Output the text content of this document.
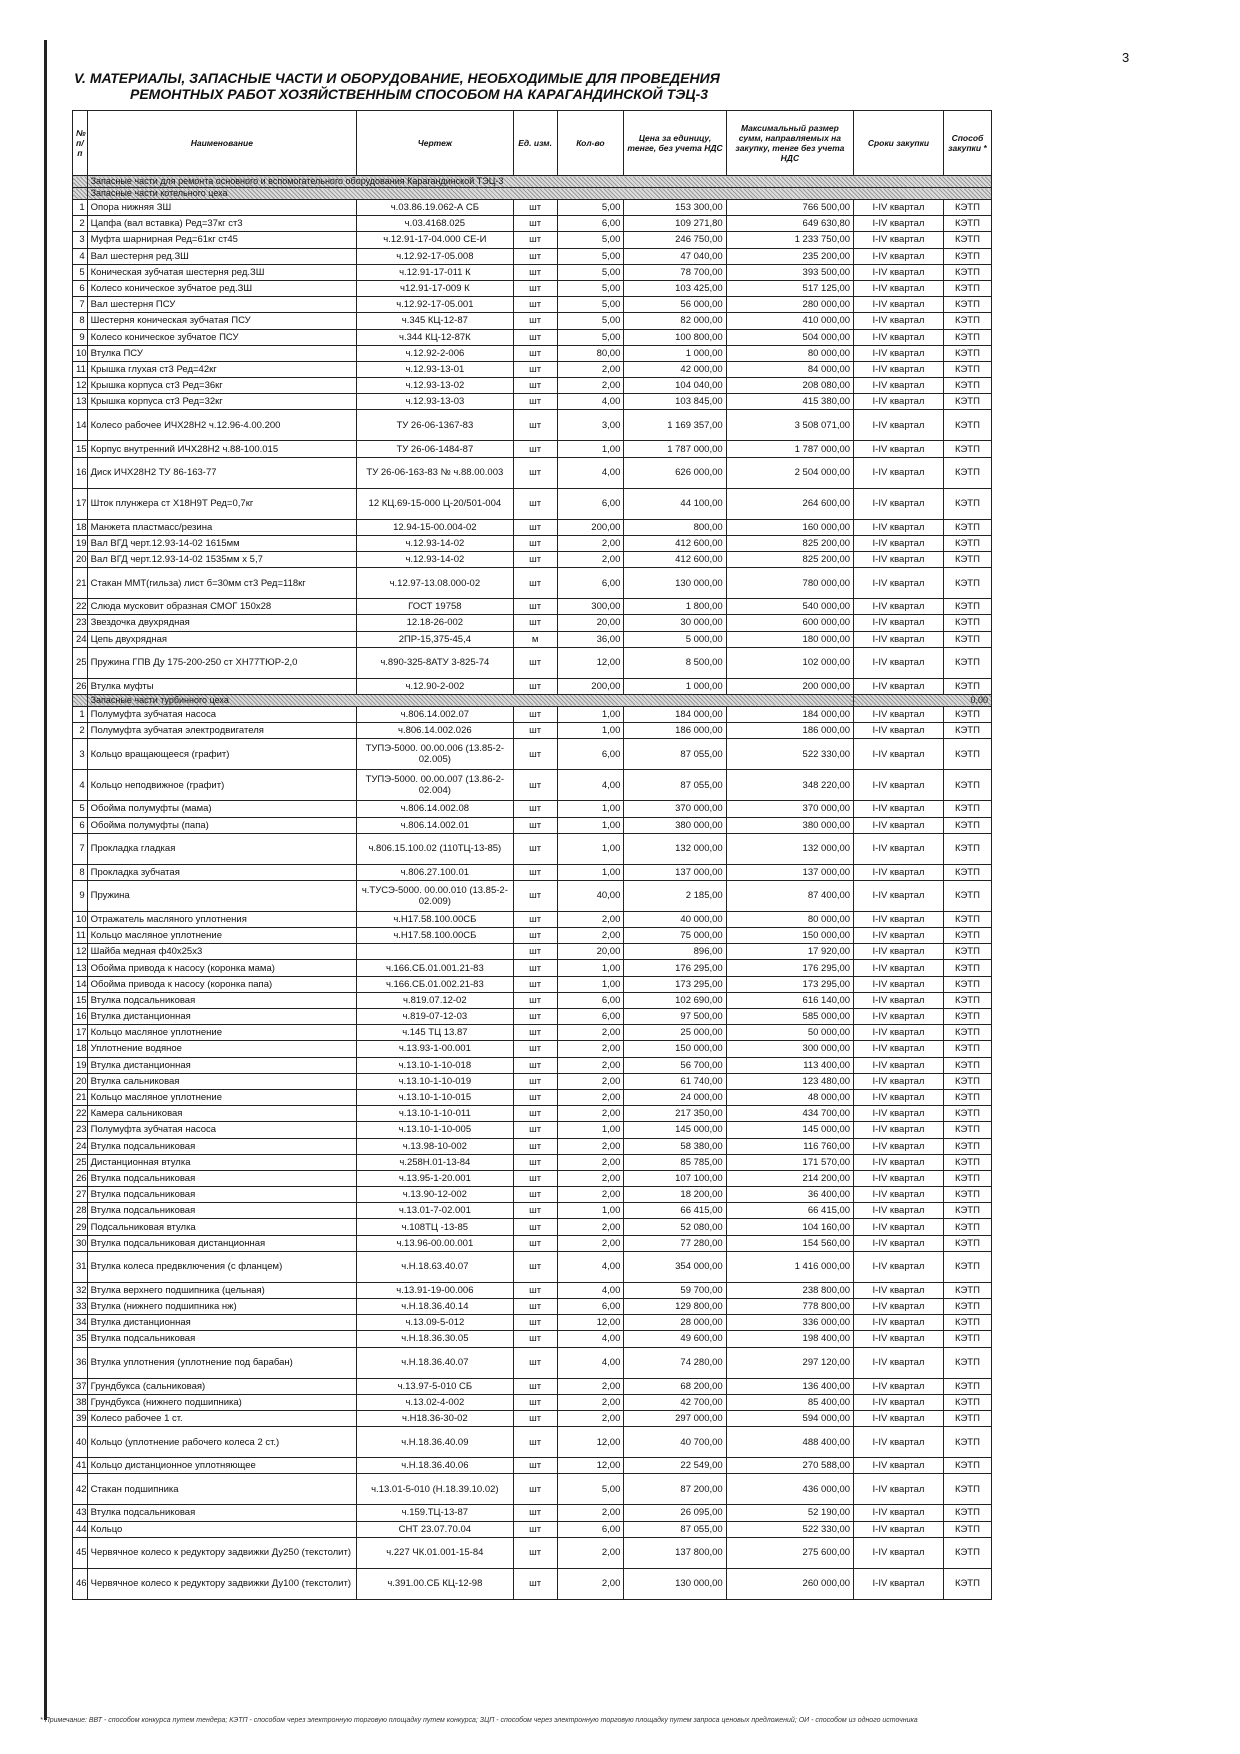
3
V. МАТЕРИАЛЫ, ЗАПАСНЫЕ ЧАСТИ И ОБОРУДОВАНИЕ, НЕОБХОДИМЫЕ ДЛЯ ПРОВЕДЕНИЯ
РЕМОНТНЫХ РАБОТ ХОЗЯЙСТВЕННЫМ СПОСОБОМ НА КАРАГАНДИНСКОЙ ТЭЦ-3
№ п/п	Наименование	Чертеж	Ед. изм.	Кол-во	Цена за единицу, тенге, без учета НДС	Максимальный размер сумм, направляемых на закупку, тенге без учета НДС	Сроки закупки	Способ закупки *
	Запасные части для ремонта основного и вспомогательного оборудования Карагандинской ТЭЦ-3							
	Запасные части котельного цеха							
1	Опора нижняя ЗШ	ч.03.86.19.062-А СБ	шт	5,00	153 300,00	766 500,00	I-IV квартал	КЭТП
2	Цапфа (вал вставка) Ред=37кг ст3	ч.03.4168.025	шт	6,00	109 271,80	649 630,80	I-IV квартал	КЭТП
3	Муфта шарнирная Ред=61кг ст45	ч.12.91-17-04.000 СЕ-И	шт	5,00	246 750,00	1 233 750,00	I-IV квартал	КЭТП
4	Вал шестерня ред.ЗШ	ч.12.92-17-05.008	шт	5,00	47 040,00	235 200,00	I-IV квартал	КЭТП
5	Коническая зубчатая шестерня ред.ЗШ	ч.12.91-17-011 К	шт	5,00	78 700,00	393 500,00	I-IV квартал	КЭТП
6	Колесо коническое зубчатое ред.ЗШ	ч12.91-17-009 К	шт	5,00	103 425,00	517 125,00	I-IV квартал	КЭТП
7	Вал шестерня ПСУ	ч.12.92-17-05.001	шт	5,00	56 000,00	280 000,00	I-IV квартал	КЭТП
8	Шестерня коническая зубчатая ПСУ	ч.345 КЦ-12-87	шт	5,00	82 000,00	410 000,00	I-IV квартал	КЭТП
9	Колесо коническое зубчатое ПСУ	ч.344 КЦ-12-87К	шт	5,00	100 800,00	504 000,00	I-IV квартал	КЭТП
10	Втулка ПСУ	ч.12.92-2-006	шт	80,00	1 000,00	80 000,00	I-IV квартал	КЭТП
11	Крышка глухая ст3 Ред=42кг	ч.12.93-13-01	шт	2,00	42 000,00	84 000,00	I-IV квартал	КЭТП
12	Крышка корпуса ст3 Ред=36кг	ч.12.93-13-02	шт	2,00	104 040,00	208 080,00	I-IV квартал	КЭТП
13	Крышка корпуса ст3 Ред=32кг	ч.12.93-13-03	шт	4,00	103 845,00	415 380,00	I-IV квартал	КЭТП
14	Колесо рабочее ИЧХ28Н2 ч.12.96-4.00.200	ТУ 26-06-1367-83	шт	3,00	1 169 357,00	3 508 071,00	I-IV квартал	КЭТП
15	Корпус внутренний ИЧХ28Н2 ч.88-100.015	ТУ 26-06-1484-87	шт	1,00	1 787 000,00	1 787 000,00	I-IV квартал	КЭТП
16	Диск ИЧХ28Н2 ТУ 86-163-77	ТУ 26-06-163-83 № ч.88.00.003	шт	4,00	626 000,00	2 504 000,00	I-IV квартал	КЭТП
17	Шток плунжера ст Х18Н9Т Ред=0,7кг	12 КЦ.69-15-000 Ц-20/501-004	шт	6,00	44 100,00	264 600,00	I-IV квартал	КЭТП
18	Манжета пластмасс/резина	12.94-15-00.004-02	шт	200,00	800,00	160 000,00	I-IV квартал	КЭТП
19	Вал ВГД черт.12.93-14-02 1615мм	ч.12.93-14-02	шт	2,00	412 600,00	825 200,00	I-IV квартал	КЭТП
20	Вал ВГД черт.12.93-14-02 1535мм х 5,7	ч.12.93-14-02	шт	2,00	412 600,00	825 200,00	I-IV квартал	КЭТП
21	Стакан ММТ(гильза) лист б=30мм ст3 Ред=118кг	ч.12.97-13.08.000-02	шт	6,00	130 000,00	780 000,00	I-IV квартал	КЭТП
22	Слюда мусковит образная СМОГ 150х28	ГОСТ 19758	шт	300,00	1 800,00	540 000,00	I-IV квартал	КЭТП
23	Звездочка двухрядная	12.18-26-002	шт	20,00	30 000,00	600 000,00	I-IV квартал	КЭТП
24	Цепь двухрядная	2ПР-15,375-45,4	м	36,00	5 000,00	180 000,00	I-IV квартал	КЭТП
25	Пружина ГПВ Ду 175-200-250 ст ХН77ТЮР-2,0	ч.890-325-8АТУ 3-825-74	шт	12,00	8 500,00	102 000,00	I-IV квартал	КЭТП
26	Втулка муфты	ч.12.90-2-002	шт	200,00	1 000,00	200 000,00	I-IV квартал	КЭТП
	Запасные части турбинного цеха						0,00	
1	Полумуфта зубчатая насоса	ч.806.14.002.07	шт	1,00	184 000,00	184 000,00	I-IV квартал	КЭТП
2	Полумуфта зубчатая электродвигателя	ч.806.14.002.026	шт	1,00	186 000,00	186 000,00	I-IV квартал	КЭТП
3	Кольцо вращающееся (графит)	ТУПЭ-5000. 00.00.006 (13.85-2-02.005)	шт	6,00	87 055,00	522 330,00	I-IV квартал	КЭТП
4	Кольцо неподвижное (графит)	ТУПЭ-5000. 00.00.007 (13.86-2-02.004)	шт	4,00	87 055,00	348 220,00	I-IV квартал	КЭТП
5	Обойма полумуфты (мама)	ч.806.14.002.08	шт	1,00	370 000,00	370 000,00	I-IV квартал	КЭТП
6	Обойма полумуфты (папа)	ч.806.14.002.01	шт	1,00	380 000,00	380 000,00	I-IV квартал	КЭТП
7	Прокладка гладкая	ч.806.15.100.02 (110ТЦ-13-85)	шт	1,00	132 000,00	132 000,00	I-IV квартал	КЭТП
8	Прокладка зубчатая	ч.806.27.100.01	шт	1,00	137 000,00	137 000,00	I-IV квартал	КЭТП
9	Пружина	ч.ТУСЭ-5000. 00.00.010 (13.85-2-02.009)	шт	40,00	2 185,00	87 400,00	I-IV квартал	КЭТП
10	Отражатель масляного уплотнения	ч.Н17.58.100.00СБ	шт	2,00	40 000,00	80 000,00	I-IV квартал	КЭТП
11	Кольцо масляное уплотнение	ч.Н17.58.100.00СБ	шт	2,00	75 000,00	150 000,00	I-IV квартал	КЭТП
12	Шайба медная ф40х25х3		шт	20,00	896,00	17 920,00	I-IV квартал	КЭТП
13	Обойма привода к насосу (коронка мама)	ч.166.СБ.01.001.21-83	шт	1,00	176 295,00	176 295,00	I-IV квартал	КЭТП
14	Обойма привода к насосу (коронка папа)	ч.166.СБ.01.002.21-83	шт	1,00	173 295,00	173 295,00	I-IV квартал	КЭТП
15	Втулка подсальниковая	ч.819.07.12-02	шт	6,00	102 690,00	616 140,00	I-IV квартал	КЭТП
16	Втулка дистанционная	ч.819-07-12-03	шт	6,00	97 500,00	585 000,00	I-IV квартал	КЭТП
17	Кольцо масляное уплотнение	ч.145 ТЦ 13.87	шт	2,00	25 000,00	50 000,00	I-IV квартал	КЭТП
18	Уплотнение водяное	ч.13.93-1-00.001	шт	2,00	150 000,00	300 000,00	I-IV квартал	КЭТП
19	Втулка дистанционная	ч.13.10-1-10-018	шт	2,00	56 700,00	113 400,00	I-IV квартал	КЭТП
20	Втулка сальниковая	ч.13.10-1-10-019	шт	2,00	61 740,00	123 480,00	I-IV квартал	КЭТП
21	Кольцо масляное уплотнение	ч.13.10-1-10-015	шт	2,00	24 000,00	48 000,00	I-IV квартал	КЭТП
22	Камера сальниковая	ч.13.10-1-10-011	шт	2,00	217 350,00	434 700,00	I-IV квартал	КЭТП
23	Полумуфта зубчатая насоса	ч.13.10-1-10-005	шт	1,00	145 000,00	145 000,00	I-IV квартал	КЭТП
24	Втулка подсальниковая	ч.13.98-10-002	шт	2,00	58 380,00	116 760,00	I-IV квартал	КЭТП
25	Дистанционная втулка	ч.258Н.01-13-84	шт	2,00	85 785,00	171 570,00	I-IV квартал	КЭТП
26	Втулка подсальниковая	ч.13.95-1-20.001	шт	2,00	107 100,00	214 200,00	I-IV квартал	КЭТП
27	Втулка подсальниковая	ч.13.90-12-002	шт	2,00	18 200,00	36 400,00	I-IV квартал	КЭТП
28	Втулка подсальниковая	ч.13.01-7-02.001	шт	1,00	66 415,00	66 415,00	I-IV квартал	КЭТП
29	Подсальниковая втулка	ч.108ТЦ -13-85	шт	2,00	52 080,00	104 160,00	I-IV квартал	КЭТП
30	Втулка подсальниковая дистанционная	ч.13.96-00.00.001	шт	2,00	77 280,00	154 560,00	I-IV квартал	КЭТП
31	Втулка колеса предвключения (с фланцем)	ч.Н.18.63.40.07	шт	4,00	354 000,00	1 416 000,00	I-IV квартал	КЭТП
32	Втулка верхнего подшипника (цельная)	ч.13.91-19-00.006	шт	4,00	59 700,00	238 800,00	I-IV квартал	КЭТП
33	Втулка (нижнего подшипника нж)	ч.Н.18.36.40.14	шт	6,00	129 800,00	778 800,00	I-IV квартал	КЭТП
34	Втулка дистанционная	ч.13.09-5-012	шт	12,00	28 000,00	336 000,00	I-IV квартал	КЭТП
35	Втулка подсальниковая	ч.Н.18.36.30.05	шт	4,00	49 600,00	198 400,00	I-IV квартал	КЭТП
36	Втулка уплотнения (уплотнение под барабан)	ч.Н.18.36.40.07	шт	4,00	74 280,00	297 120,00	I-IV квартал	КЭТП
37	Грундбукса (сальниковая)	ч.13.97-5-010 СБ	шт	2,00	68 200,00	136 400,00	I-IV квартал	КЭТП
38	Грундбукса (нижнего подшипника)	ч.13.02-4-002	шт	2,00	42 700,00	85 400,00	I-IV квартал	КЭТП
39	Колесо рабочее 1 ст.	ч.Н18.36-30-02	шт	2,00	297 000,00	594 000,00	I-IV квартал	КЭТП
40	Кольцо (уплотнение рабочего колеса 2 ст.)	ч.Н.18.36.40.09	шт	12,00	40 700,00	488 400,00	I-IV квартал	КЭТП
41	Кольцо дистанционное уплотняющее	ч.Н.18.36.40.06	шт	12,00	22 549,00	270 588,00	I-IV квартал	КЭТП
42	Стакан подшипника	ч.13.01-5-010 (Н.18.39.10.02)	шт	5,00	87 200,00	436 000,00	I-IV квартал	КЭТП
43	Втулка подсальниковая	ч.159.ТЦ-13-87	шт	2,00	26 095,00	52 190,00	I-IV квартал	КЭТП
44	Кольцо	СНТ 23.07.70.04	шт	6,00	87 055,00	522 330,00	I-IV квартал	КЭТП
45	Червячное колесо к редуктору задвижки Ду250 (текстолит)	ч.227 ЧК.01.001-15-84	шт	2,00	137 800,00	275 600,00	I-IV квартал	КЭТП
46	Червячное колесо к редуктору задвижки Ду100 (текстолит)	ч.391.00.СБ КЦ-12-98	шт	2,00	130 000,00	260 000,00	I-IV квартал	КЭТП
* Примечание: ВВТ - способом конкурса путем тендера; КЭТП - способом через электронную торговую площадку путем конкурса; ЗЦП - способом через электронную торговую площадку путем запроса ценовых предложений; ОИ - способом из одного источника
